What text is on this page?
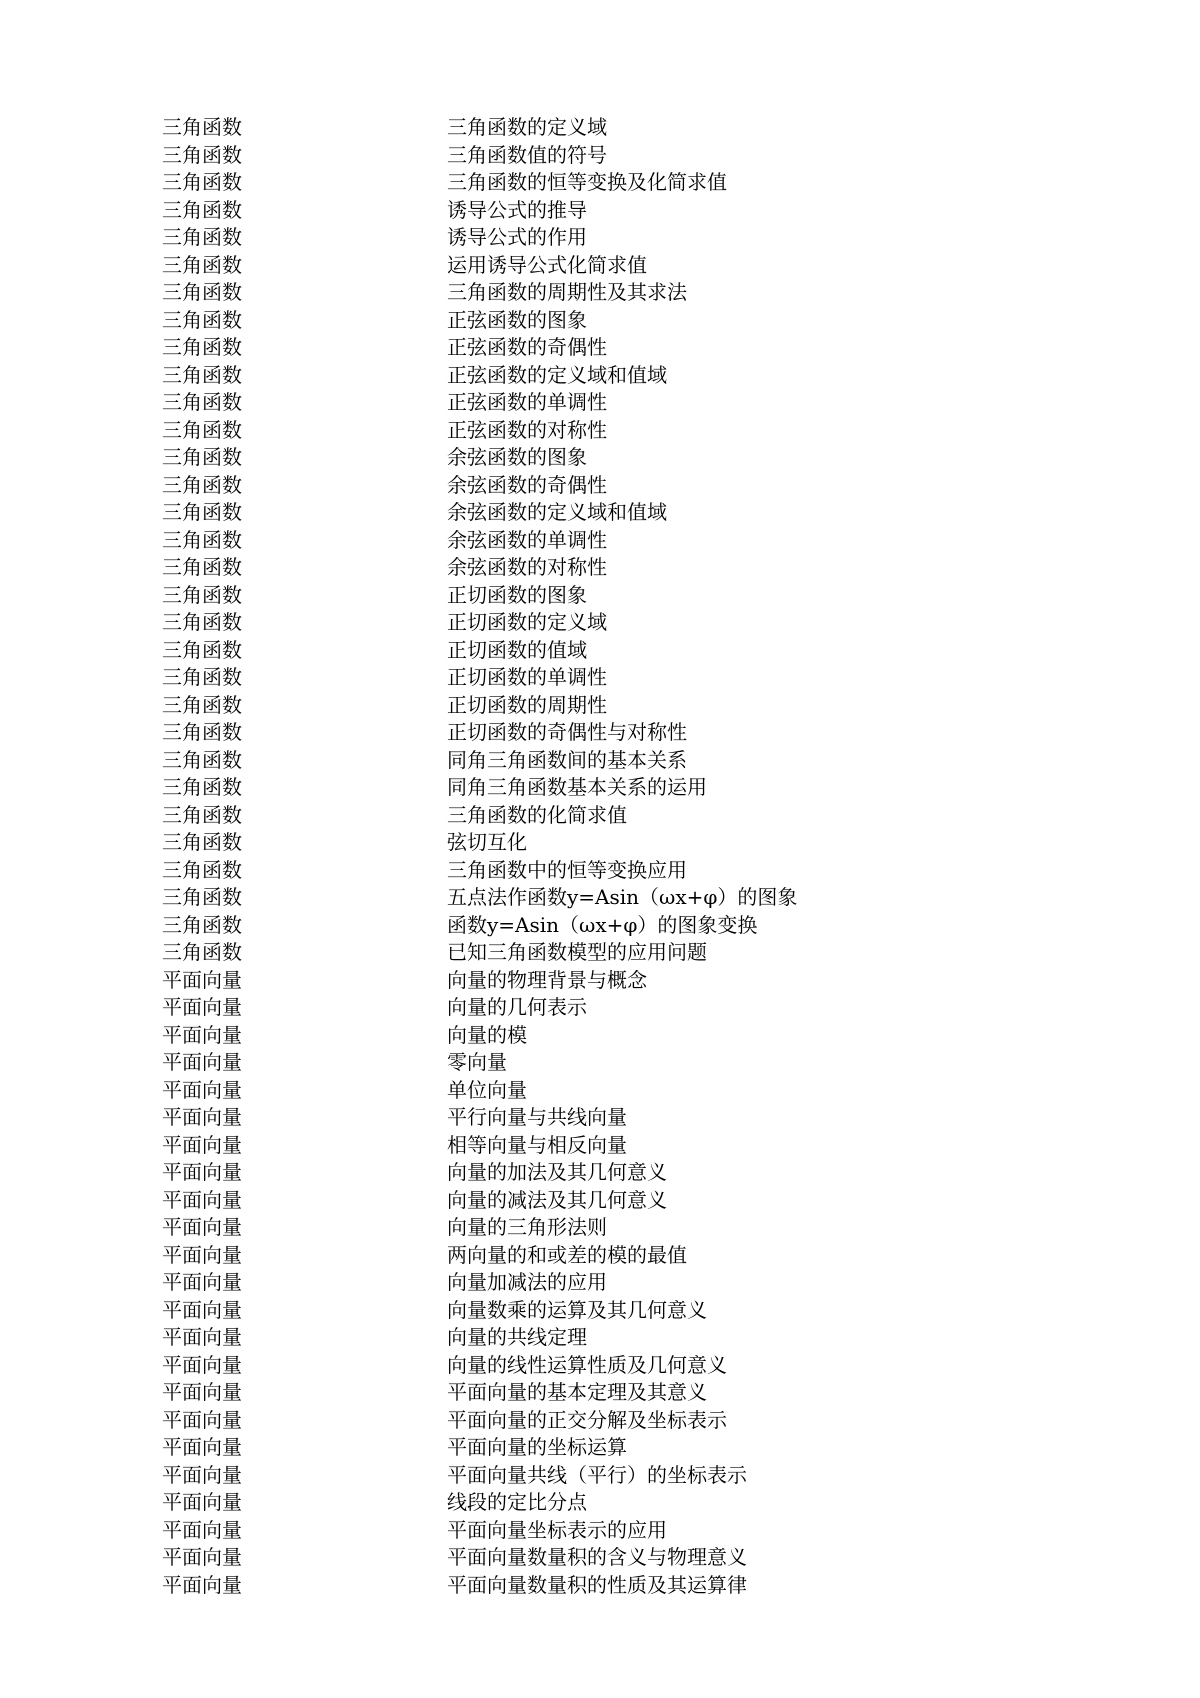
三角函数	三角函数的定义域
三角函数	三角函数值的符号
三角函数	三角函数的恒等变换及化简求值
三角函数	诱导公式的推导
三角函数	诱导公式的作用
三角函数	运用诱导公式化简求值
三角函数	三角函数的周期性及其求法
三角函数	正弦函数的图象
三角函数	正弦函数的奇偶性
三角函数	正弦函数的定义域和值域
三角函数	正弦函数的单调性
三角函数	正弦函数的对称性
三角函数	余弦函数的图象
三角函数	余弦函数的奇偶性
三角函数	余弦函数的定义域和值域
三角函数	余弦函数的单调性
三角函数	余弦函数的对称性
三角函数	正切函数的图象
三角函数	正切函数的定义域
三角函数	正切函数的值域
三角函数	正切函数的单调性
三角函数	正切函数的周期性
三角函数	正切函数的奇偶性与对称性
三角函数	同角三角函数间的基本关系
三角函数	同角三角函数基本关系的运用
三角函数	三角函数的化简求值
三角函数	弦切互化
三角函数	三角函数中的恒等变换应用
三角函数	五点法作函数y=Asin（ωx+φ）的图象
三角函数	函数y=Asin（ωx+φ）的图象变换
三角函数	已知三角函数模型的应用问题
平面向量	向量的物理背景与概念
平面向量	向量的几何表示
平面向量	向量的模
平面向量	零向量
平面向量	单位向量
平面向量	平行向量与共线向量
平面向量	相等向量与相反向量
平面向量	向量的加法及其几何意义
平面向量	向量的减法及其几何意义
平面向量	向量的三角形法则
平面向量	两向量的和或差的模的最值
平面向量	向量加减法的应用
平面向量	向量数乘的运算及其几何意义
平面向量	向量的共线定理
平面向量	向量的线性运算性质及几何意义
平面向量	平面向量的基本定理及其意义
平面向量	平面向量的正交分解及坐标表示
平面向量	平面向量的坐标运算
平面向量	平面向量共线（平行）的坐标表示
平面向量	线段的定比分点
平面向量	平面向量坐标表示的应用
平面向量	平面向量数量积的含义与物理意义
平面向量	平面向量数量积的性质及其运算律
